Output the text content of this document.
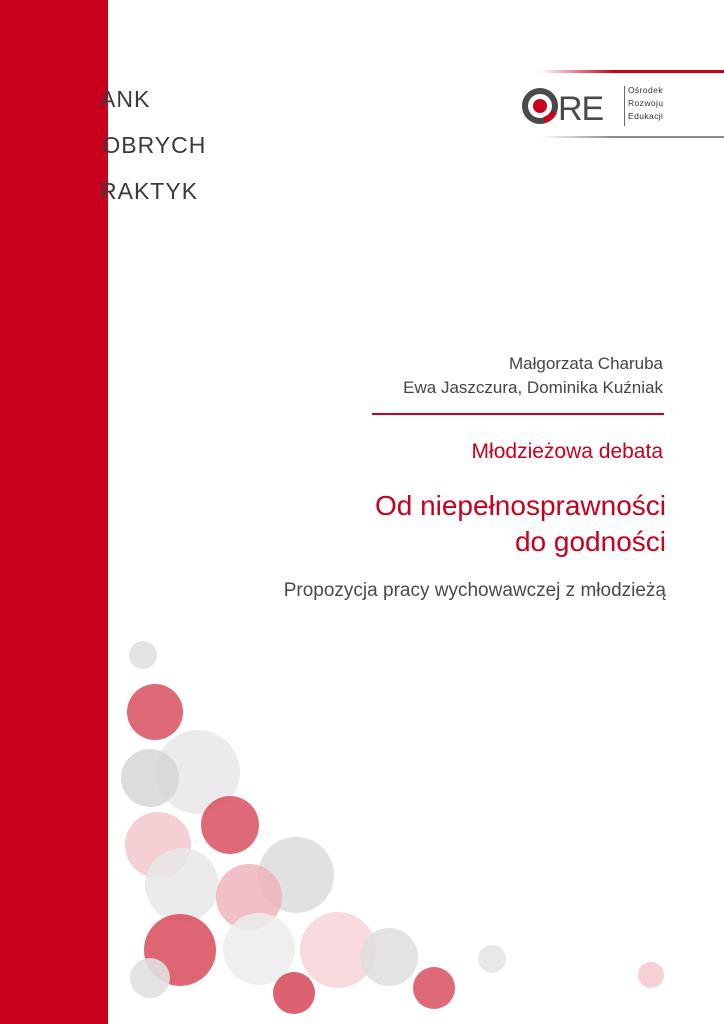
BANK
DOBRYCH
PRAKTYK
RE	Ośrodek
Rozwoju
Edukacji
Małgorzata Charuba
Ewa Jaszczura, Dominika Kuźniak
Młodzieżowa debata
Od niepełnosprawności
do godności
Propozycja pracy wychowawczej z młodzieżą
